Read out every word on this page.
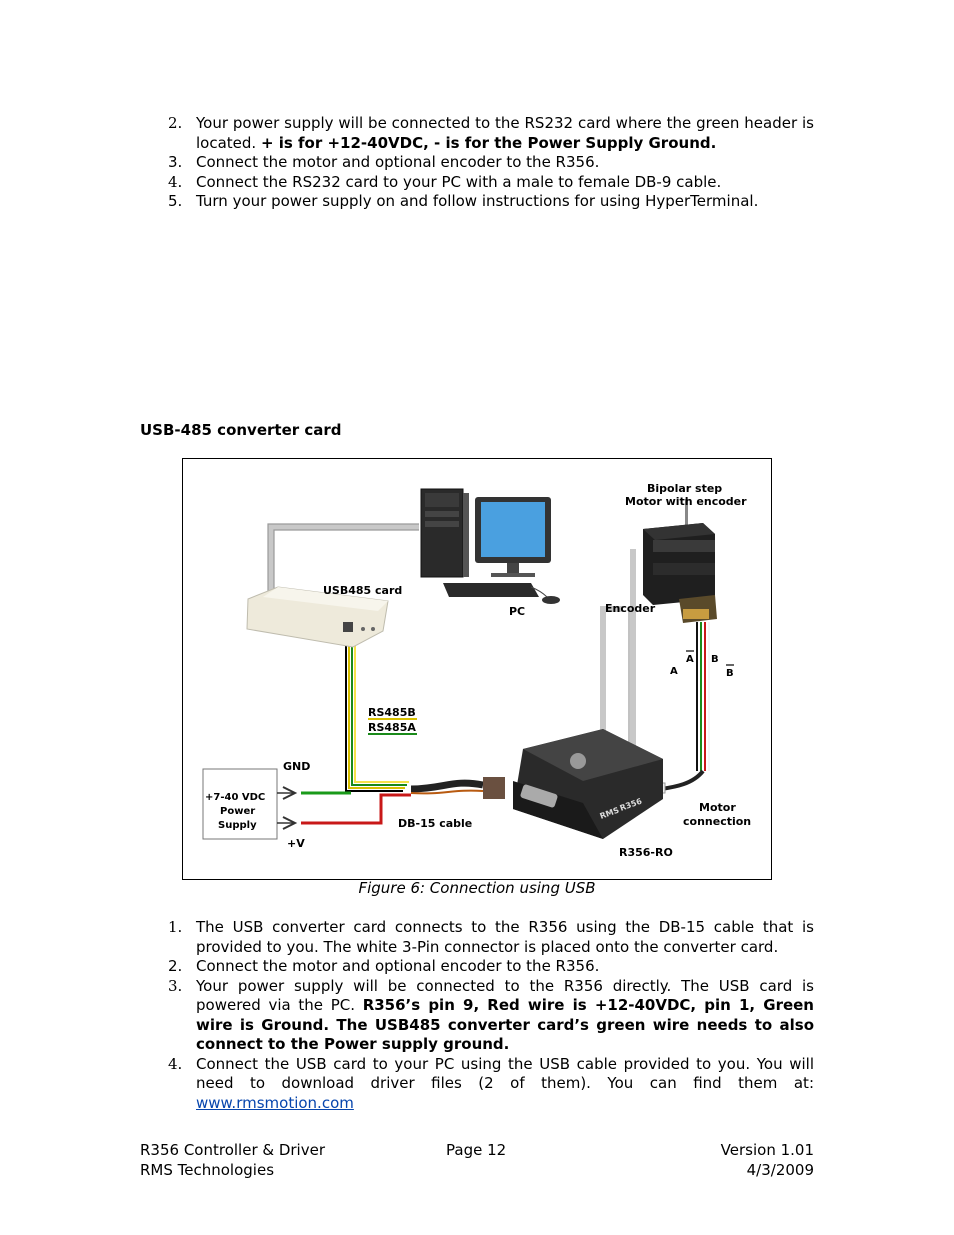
2. Your power supply will be connected to the RS232 card where the green header is located. + is for +12-40VDC, - is for the Power Supply Ground.
3. Connect the motor and optional encoder to the R356.
4. Connect the RS232 card to your PC with a male to female DB-9 cable.
5. Turn your power supply on and follow instructions for using HyperTerminal.
USB-485 converter card
USB485 card
PC
Bipolar step
Motor with encoder
Encoder
A B
A	B
Motor
connection
R356
RMS
DB-15 cable
R356-RO
RS485B
RS485A
+7-40 VDC
Power
Supply
GND
+V
Figure 6: Connection using USB
1. The USB converter card connects to the R356 using the DB-15 cable that is provided to you. The white 3-Pin connector is placed onto the converter card.
2. Connect the motor and optional encoder to the R356.
3. Your power supply will be connected to the R356 directly. The USB card is powered via the PC. R356’s pin 9, Red wire is +12-40VDC, pin 1, Green wire is Ground. The USB485 converter card’s green wire needs to also connect to the Power supply ground.
4. Connect the USB card to your PC using the USB cable provided to you. You will need to download driver files (2 of them). You can find them at: www.rmsmotion.com
R356 Controller & Driver
RMS Technologies
Page 12	Version 1.01
4/3/2009
